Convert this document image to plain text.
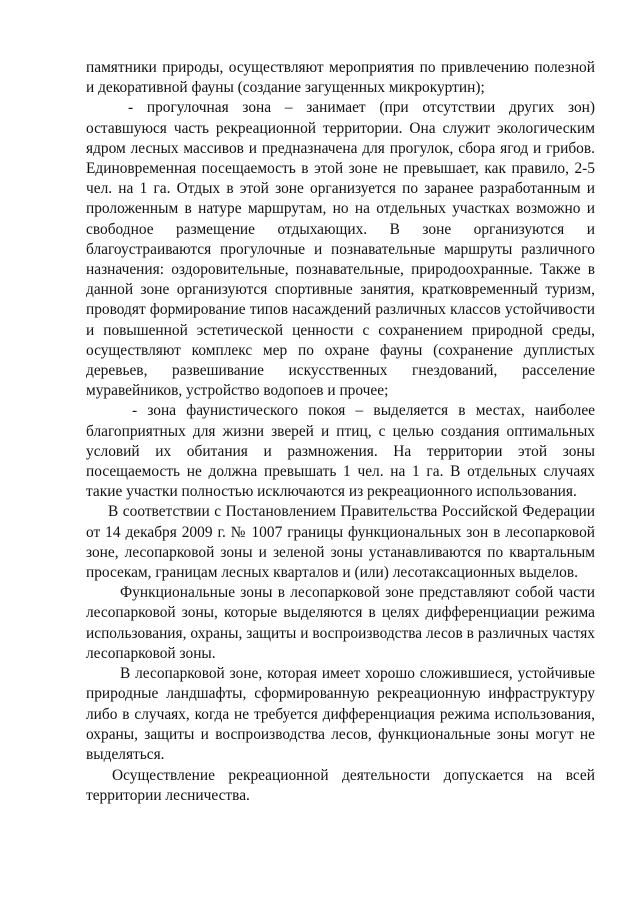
памятники природы, осуществляют мероприятия по привлечению полезной и декоративной фауны (создание загущенных микрокуртин);

- прогулочная зона – занимает (при отсутствии других зон) оставшуюся часть рекреационной территории. Она служит экологическим ядром лесных массивов и предназначена для прогулок, сбора ягод и грибов. Единовременная посещаемость в этой зоне не превышает, как правило, 2-5 чел. на 1 га. Отдых в этой зоне организуется по заранее разработанным и проложенным в натуре маршрутам, но на отдельных участках возможно и свободное размещение отдыхающих. В зоне организуются и благоустраиваются прогулочные и познавательные маршруты различного назначения: оздоровительные, познавательные, природоохранные. Также в данной зоне организуются спортивные занятия, кратковременный туризм, проводят формирование типов насаждений различных классов устойчивости и повышенной эстетической ценности с сохранением природной среды, осуществляют комплекс мер по охране фауны (сохранение дуплистых деревьев, развешивание искусственных гнездований, расселение муравейников, устройство водопоев и прочее;

- зона фаунистического покоя – выделяется в местах, наиболее благоприятных для жизни зверей и птиц, с целью создания оптимальных условий их обитания и размножения. На территории этой зоны посещаемость не должна превышать 1 чел. на 1 га. В отдельных случаях такие участки полностью исключаются из рекреационного использования.

В соответствии с Постановлением Правительства Российской Федерации от 14 декабря 2009 г. № 1007 границы функциональных зон в лесопарковой зоне, лесопарковой зоны и зеленой зоны устанавливаются по квартальным просекам, границам лесных кварталов и (или) лесотаксационных выделов.

Функциональные зоны в лесопарковой зоне представляют собой части лесопарковой зоны, которые выделяются в целях дифференциации режима использования, охраны, защиты и воспроизводства лесов в различных частях лесопарковой зоны.

В лесопарковой зоне, которая имеет хорошо сложившиеся, устойчивые природные ландшафты, сформированную рекреационную инфраструктуру либо в случаях, когда не требуется дифференциация режима использования, охраны, защиты и воспроизводства лесов, функциональные зоны могут не выделяться.

Осуществление рекреационной деятельности допускается на всей территории лесничества.
